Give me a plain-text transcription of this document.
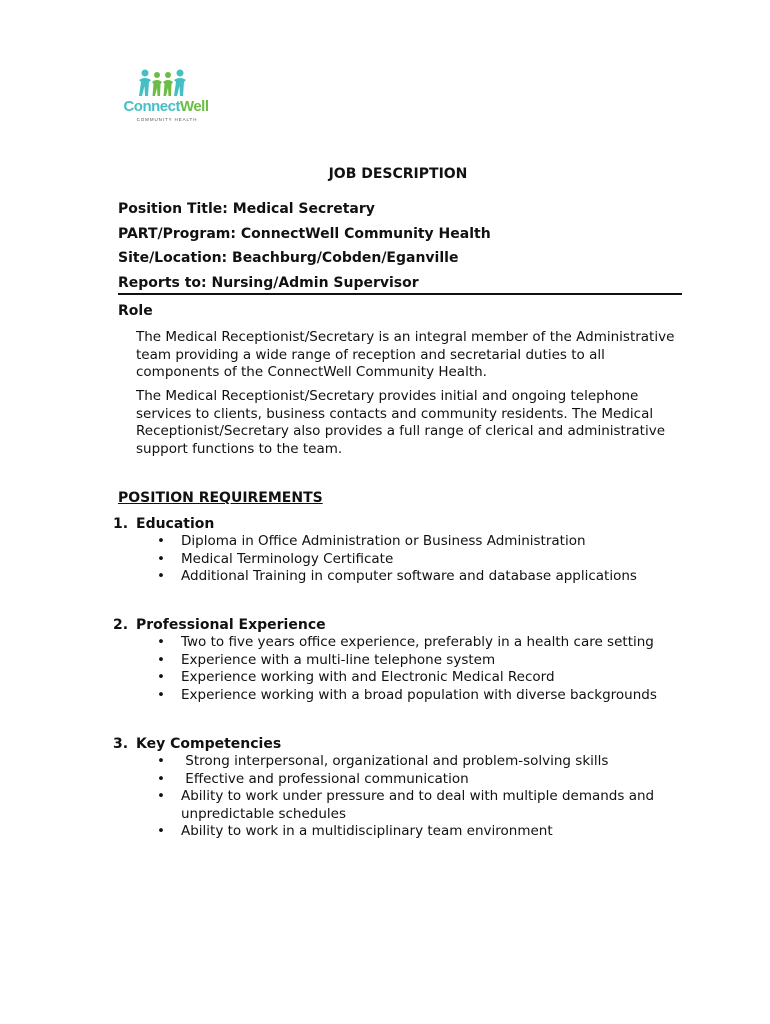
ConnectWell
COMMUNITY HEALTH
JOB DESCRIPTION
Position Title: Medical Secretary
PART/Program: ConnectWell Community Health
Site/Location: Beachburg/Cobden/Eganville
Reports to: Nursing/Admin Supervisor
Role

The Medical Receptionist/Secretary is an integral member of the Administrative team providing a wide range of reception and secretarial duties to all components of the ConnectWell Community Health.

The Medical Receptionist/Secretary provides initial and ongoing telephone services to clients, business contacts and community residents. The Medical Receptionist/Secretary also provides a full range of clerical and administrative support functions to the team.

POSITION REQUIREMENTS
1. Education
• Diploma in Office Administration or Business Administration
• Medical Terminology Certificate
• Additional Training in computer software and database applications
2. Professional Experience
• Two to five years office experience, preferably in a health care setting
• Experience with a multi-line telephone system
• Experience working with and Electronic Medical Record
• Experience working with a broad population with diverse backgrounds
3. Key Competencies
•  Strong interpersonal, organizational and problem-solving skills
•  Effective and professional communication
• Ability to work under pressure and to deal with multiple demands and unpredictable schedules
• Ability to work in a multidisciplinary team environment
